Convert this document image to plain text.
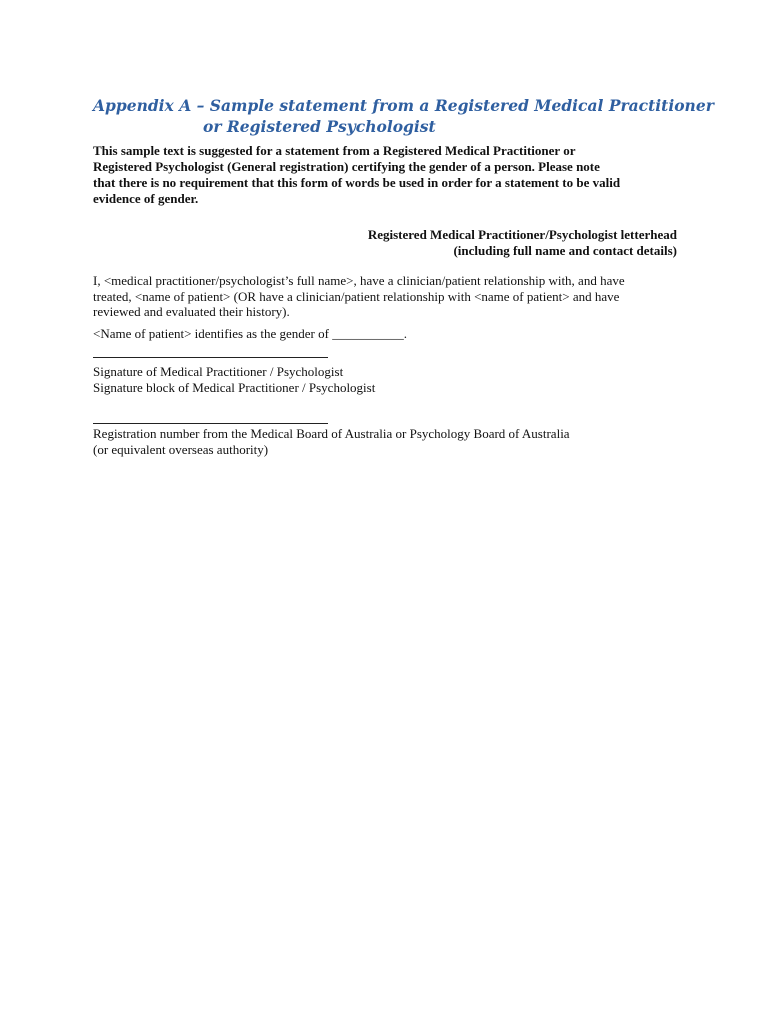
Appendix A – Sample statement from a Registered Medical Practitioner
or Registered Psychologist

This sample text is suggested for a statement from a Registered Medical Practitioner or
Registered Psychologist (General registration) certifying the gender of a person. Please note
that there is no requirement that this form of words be used in order for a statement to be valid
evidence of gender.

Registered Medical Practitioner/Psychologist letterhead
(including full name and contact details)

I, <medical practitioner/psychologist’s full name>, have a clinician/patient relationship with, and have
treated, <name of patient> (OR have a clinician/patient relationship with <name of patient> and have
reviewed and evaluated their history).

<Name of patient> identifies as the gender of ___________.

Signature of Medical Practitioner / Psychologist
Signature block of Medical Practitioner / Psychologist

Registration number from the Medical Board of Australia or Psychology Board of Australia
(or equivalent overseas authority)
